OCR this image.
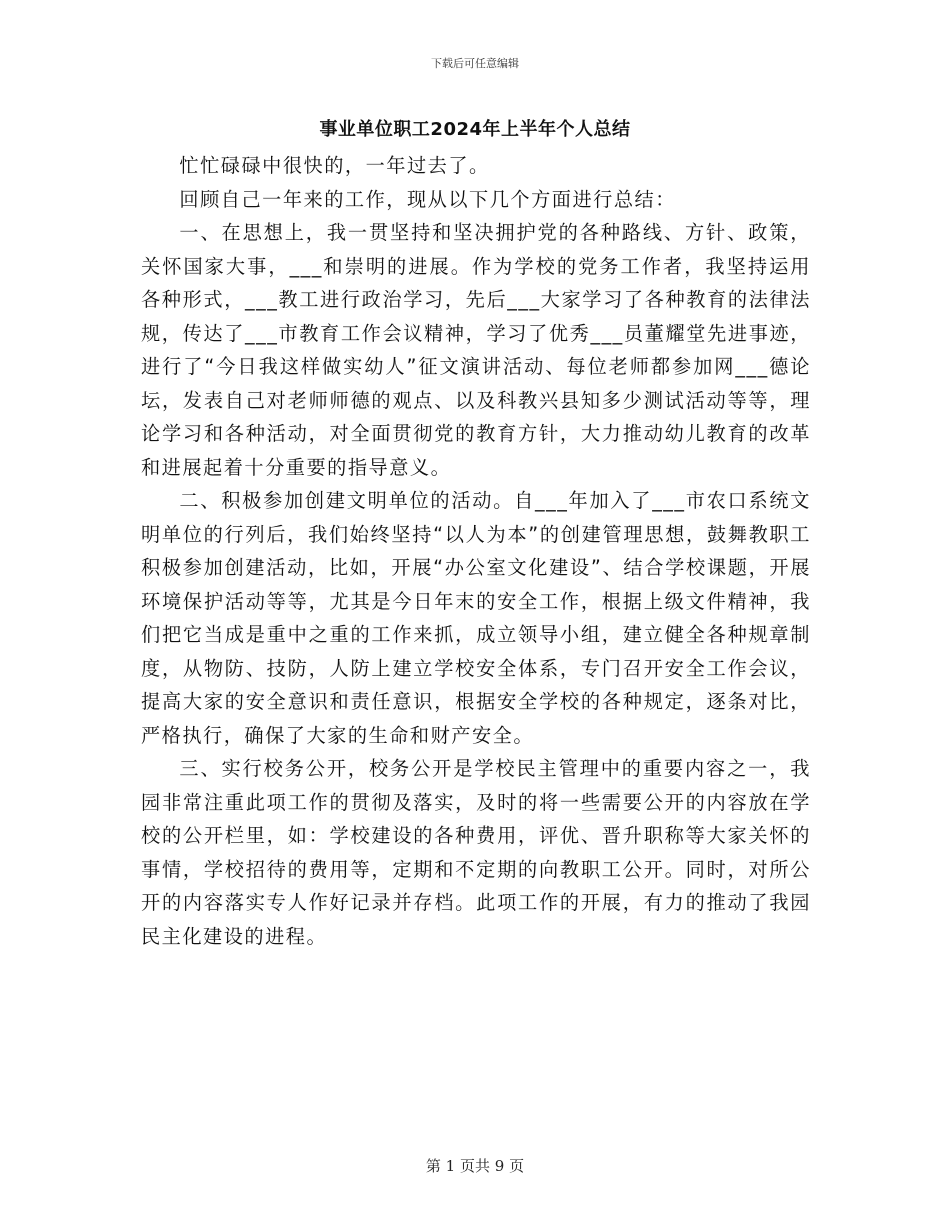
下载后可任意编辑
事业单位职工2024年上半年个人总结

忙忙碌碌中很快的，一年过去了。

回顾自己一年来的工作，现从以下几个方面进行总结：

一、在思想上，我一贯坚持和坚决拥护党的各种路线、方针、政策，关怀国家大事，___和崇明的进展。作为学校的党务工作者，我坚持运用各种形式，___教工进行政治学习，先后___大家学习了各种教育的法律法规，传达了___市教育工作会议精神，学习了优秀___员董耀堂先进事迹，进行了“今日我这样做实幼人”征文演讲活动、每位老师都参加网___德论坛，发表自己对老师师德的观点、以及科教兴县知多少测试活动等等，理论学习和各种活动，对全面贯彻党的教育方针，大力推动幼儿教育的改革和进展起着十分重要的指导意义。

二、积极参加创建文明单位的活动。自___年加入了___市农口系统文明单位的行列后，我们始终坚持“以人为本”的创建管理思想，鼓舞教职工积极参加创建活动，比如，开展“办公室文化建设”、结合学校课题，开展环境保护活动等等，尤其是今日年末的安全工作，根据上级文件精神，我们把它当成是重中之重的工作来抓，成立领导小组，建立健全各种规章制度，从物防、技防，人防上建立学校安全体系，专门召开安全工作会议，提高大家的安全意识和责任意识，根据安全学校的各种规定，逐条对比，严格执行，确保了大家的生命和财产安全。

三、实行校务公开，校务公开是学校民主管理中的重要内容之一，我园非常注重此项工作的贯彻及落实，及时的将一些需要公开的内容放在学校的公开栏里，如：学校建设的各种费用，评优、晋升职称等大家关怀的事情，学校招待的费用等，定期和不定期的向教职工公开。同时，对所公开的内容落实专人作好记录并存档。此项工作的开展，有力的推动了我园民主化建设的进程。

第 1 页共 9 页
